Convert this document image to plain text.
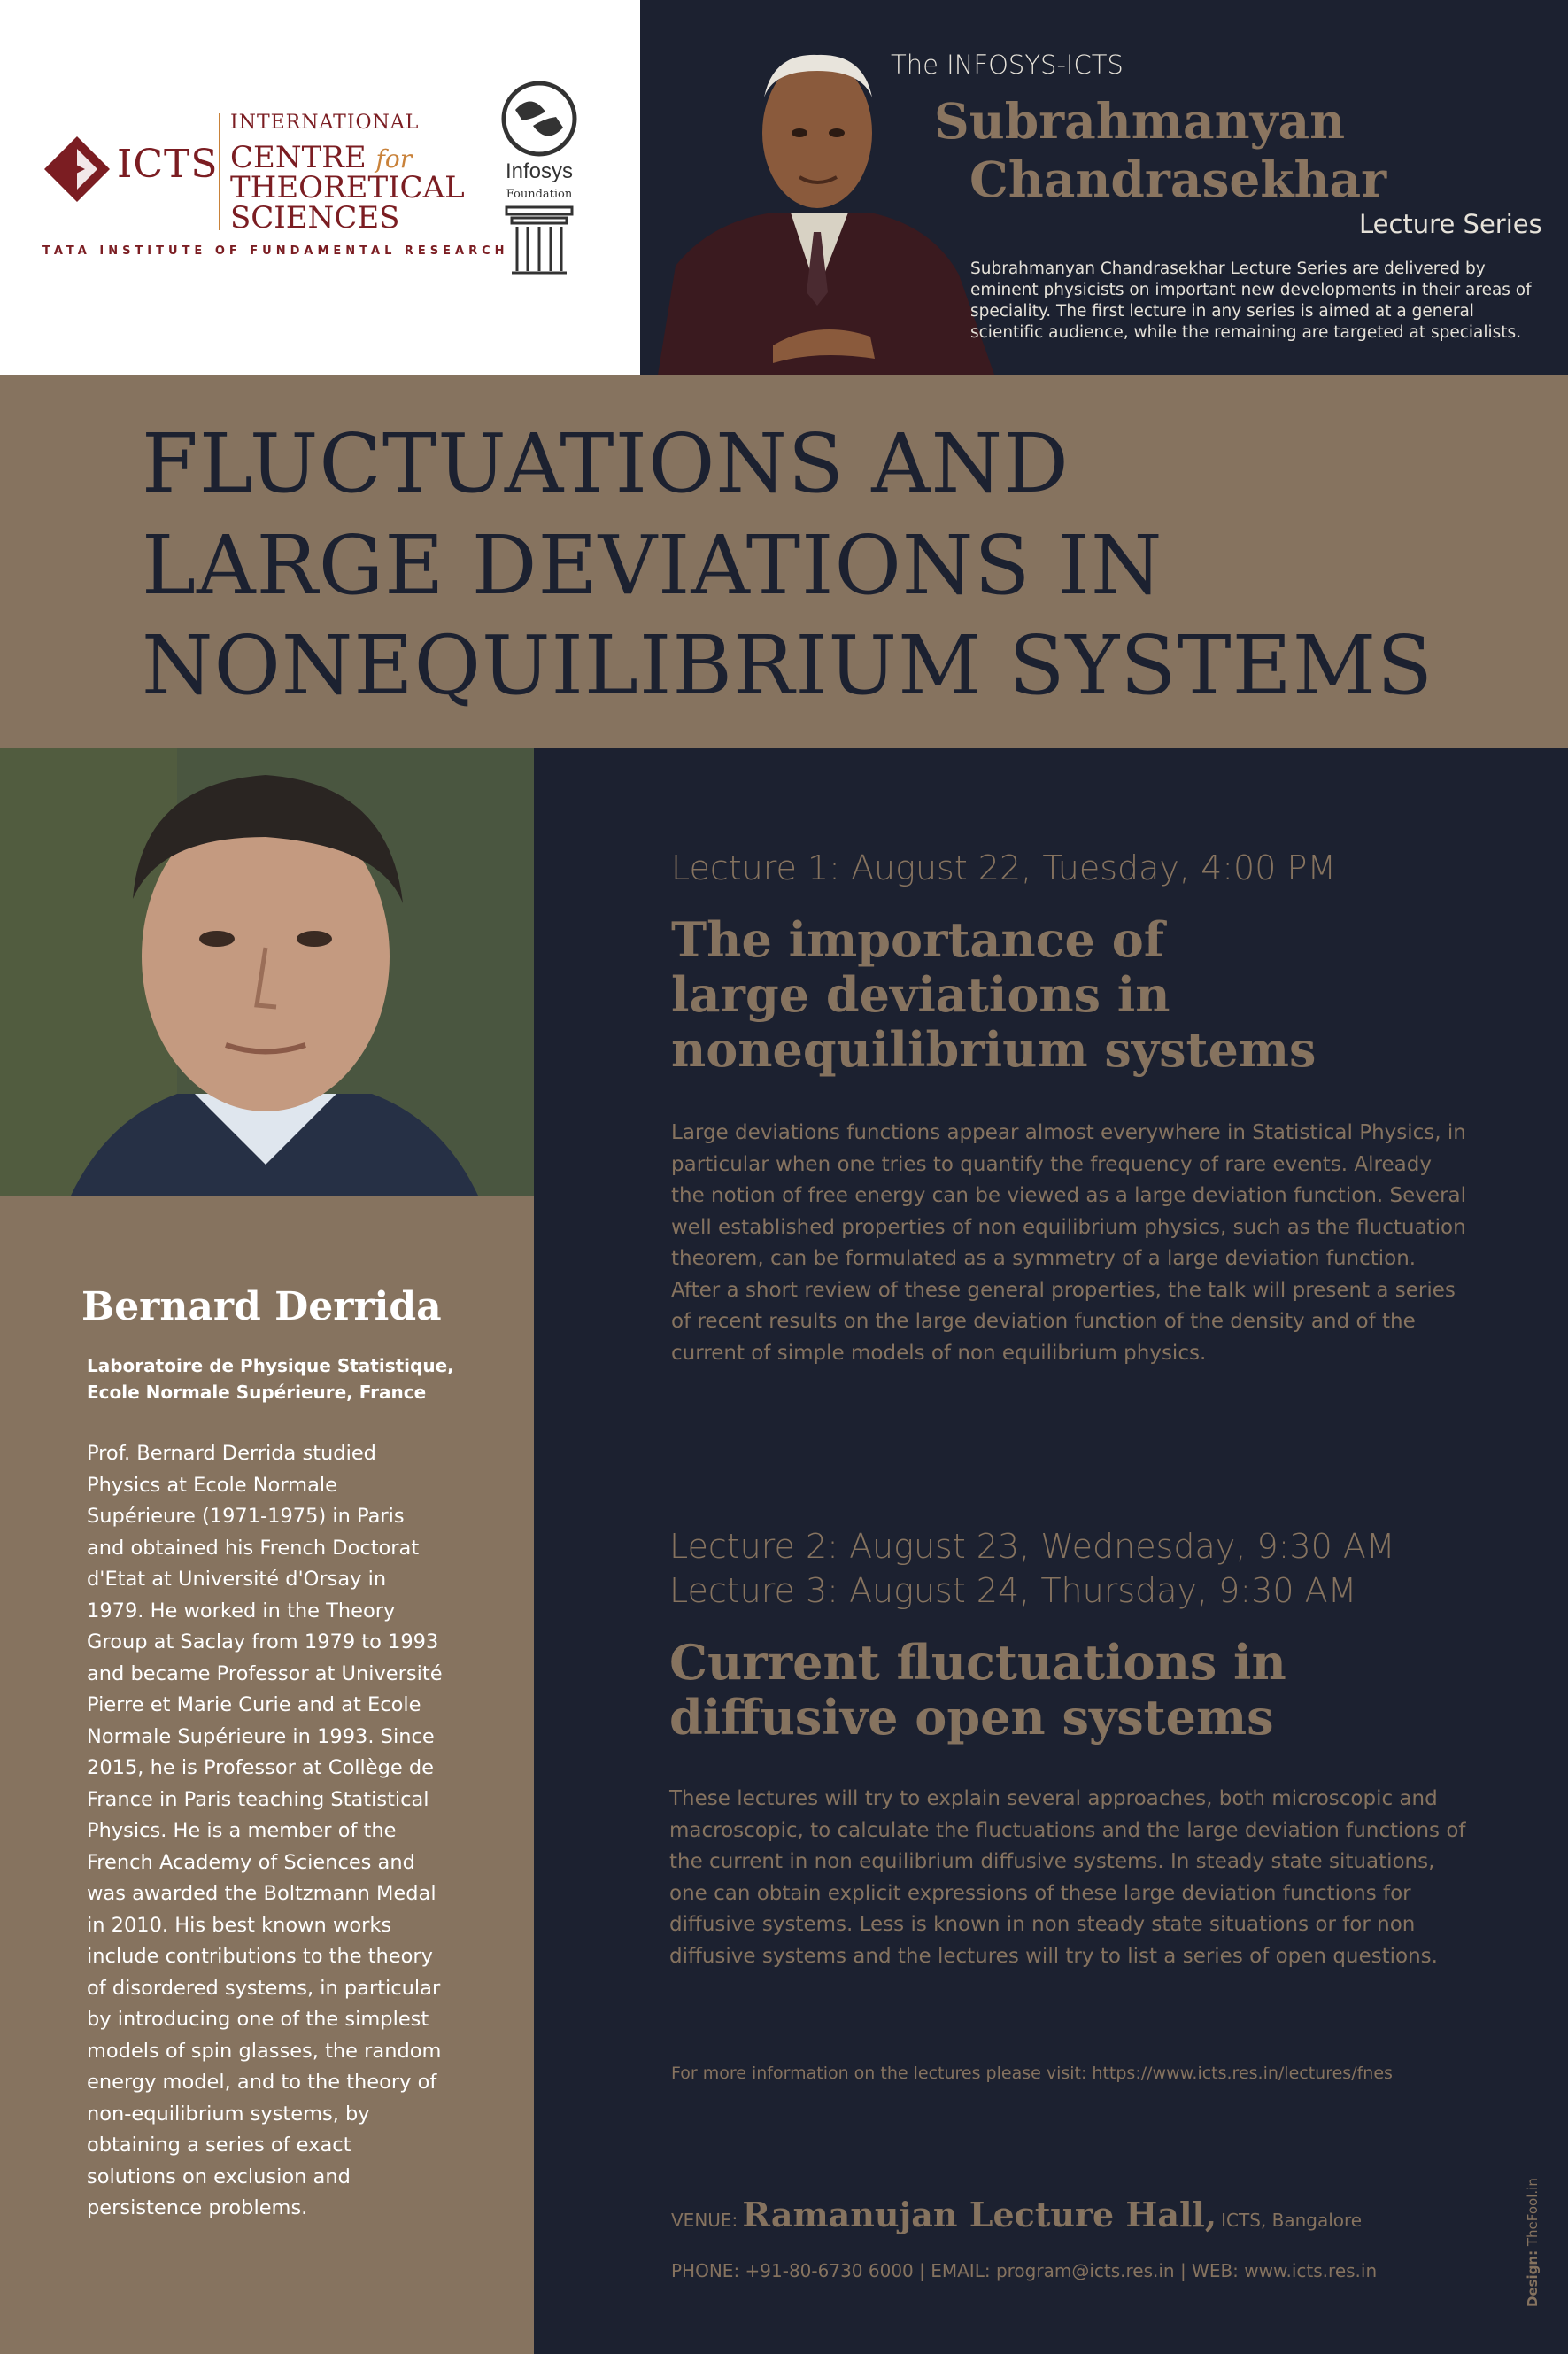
ICTS
INTERNATIONAL
CENTRE for
THEORETICAL
SCIENCES
TATA INSTITUTE OF FUNDAMENTAL RESEARCH
Infosys
Foundation
The INFOSYS-ICTS
Subrahmanyan
Chandrasekhar
Lecture Series
Subrahmanyan Chandrasekhar Lecture Series are delivered by eminent physicists on important new developments in their areas of speciality. The first lecture in any series is aimed at a general scientific audience, while the remaining are targeted at specialists.
FLUCTUATIONS AND
LARGE DEVIATIONS IN
NONEQUILIBRIUM SYSTEMS
Bernard Derrida
Laboratoire de Physique Statistique,
Ecole Normale Supérieure, France

Prof. Bernard Derrida studied Physics at Ecole Normale Supérieure (1971-1975) in Paris and obtained his French Doctorat d'Etat at Université d'Orsay in 1979. He worked in the Theory Group at Saclay from 1979 to 1993 and became Professor at Université Pierre et Marie Curie and at Ecole Normale Supérieure in 1993. Since 2015, he is Professor at Collège de France in Paris teaching Statistical Physics. He is a member of the French Academy of Sciences and was awarded the Boltzmann Medal in 2010. His best known works include contributions to the theory of disordered systems, in particular by introducing one of the simplest models of spin glasses, the random energy model, and to the theory of non-equilibrium systems, by obtaining a series of exact solutions on exclusion and persistence problems.

Lecture 1: August 22, Tuesday, 4:00 PM
The importance of
large deviations in
nonequilibrium systems

Large deviations functions appear almost everywhere in Statistical Physics, in particular when one tries to quantify the frequency of rare events. Already the notion of free energy can be viewed as a large deviation function. Several well established properties of non equilibrium physics, such as the fluctuation theorem, can be formulated as a symmetry of a large deviation function. After a short review of these general properties, the talk will present a series of recent results on the large deviation function of the density and of the current of simple models of non equilibrium physics.

Lecture 2: August 23, Wednesday, 9:30 AM
Lecture 3: August 24, Thursday, 9:30 AM
Current fluctuations in
diffusive open systems

These lectures will try to explain several approaches, both microscopic and macroscopic, to calculate the fluctuations and the large deviation functions of the current in non equilibrium diffusive systems. In steady state situations, one can obtain explicit expressions of these large deviation functions for diffusive systems. Less is known in non steady state situations or for non diffusive systems and the lectures will try to list a series of open questions.

For more information on the lectures please visit: https://www.icts.res.in/lectures/fnes
VENUE: Ramanujan Lecture Hall, ICTS, Bangalore
PHONE: +91-80-6730 6000 | EMAIL: program@icts.res.in | WEB: www.icts.res.in	Design: TheFool.in
